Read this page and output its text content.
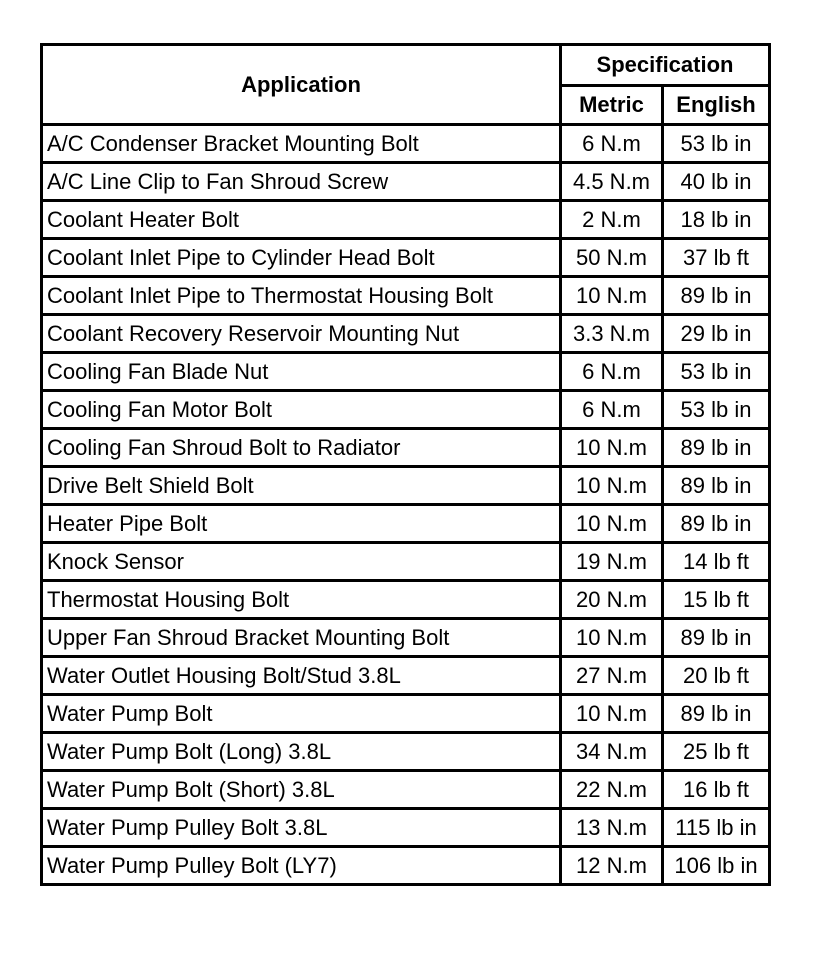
Application	Specification	
	Metric	English
A/C Condenser Bracket Mounting Bolt	6 N.m	53 lb in
A/C Line Clip to Fan Shroud Screw	4.5 N.m	40 lb in
Coolant Heater Bolt	2 N.m	18 lb in
Coolant Inlet Pipe to Cylinder Head Bolt	50 N.m	37 lb ft
Coolant Inlet Pipe to Thermostat Housing Bolt	10 N.m	89 lb in
Coolant Recovery Reservoir Mounting Nut	3.3 N.m	29 lb in
Cooling Fan Blade Nut	6 N.m	53 lb in
Cooling Fan Motor Bolt	6 N.m	53 lb in
Cooling Fan Shroud Bolt to Radiator	10 N.m	89 lb in
Drive Belt Shield Bolt	10 N.m	89 lb in
Heater Pipe Bolt	10 N.m	89 lb in
Knock Sensor	19 N.m	14 lb ft
Thermostat Housing Bolt	20 N.m	15 lb ft
Upper Fan Shroud Bracket Mounting Bolt	10 N.m	89 lb in
Water Outlet Housing Bolt/Stud 3.8L	27 N.m	20 lb ft
Water Pump Bolt	10 N.m	89 lb in
Water Pump Bolt (Long) 3.8L	34 N.m	25 lb ft
Water Pump Bolt (Short) 3.8L	22 N.m	16 lb ft
Water Pump Pulley Bolt 3.8L	13 N.m	115 lb in
Water Pump Pulley Bolt (LY7)	12 N.m	106 lb in
